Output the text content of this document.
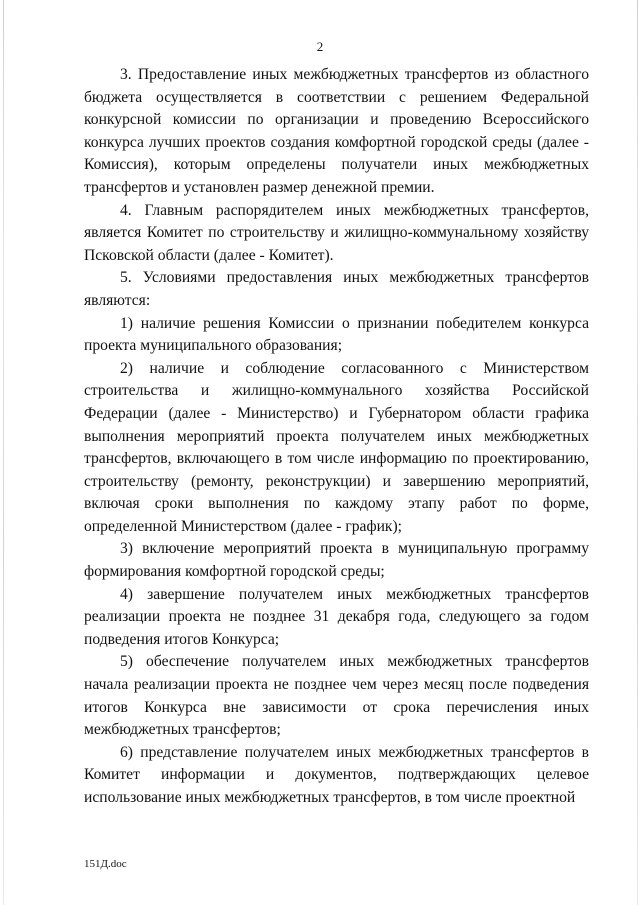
2

3. Предоставление иных межбюджетных трансфертов из областного бюджета осуществляется в соответствии с решением Федеральной конкурсной комиссии по организации и проведению Всероссийского конкурса лучших проектов создания комфортной городской среды (далее - Комиссия), которым определены получатели иных межбюджетных трансфертов и установлен размер денежной премии.

4. Главным распорядителем иных межбюджетных трансфертов, является Комитет по строительству и жилищно-коммунальному хозяйству Псковской области (далее - Комитет).

5. Условиями предоставления иных межбюджетных трансфертов являются:

1) наличие решения Комиссии о признании победителем конкурса проекта муниципального образования;

2) наличие и соблюдение согласованного с Министерством строительства и жилищно-коммунального хозяйства Российской Федерации (далее - Министерство) и Губернатором области графика выполнения мероприятий проекта получателем иных межбюджетных трансфертов, включающего в том числе информацию по проектированию, строительству (ремонту, реконструкции) и завершению мероприятий, включая сроки выполнения по каждому этапу работ по форме, определенной Министерством (далее - график);

3) включение мероприятий проекта в муниципальную программу формирования комфортной городской среды;

4) завершение получателем иных межбюджетных трансфертов реализации проекта не позднее 31 декабря года, следующего за годом подведения итогов Конкурса;

5) обеспечение получателем иных межбюджетных трансфертов начала реализации проекта не позднее чем через месяц после подведения итогов Конкурса вне зависимости от срока перечисления иных межбюджетных трансфертов;

6) представление получателем иных межбюджетных трансфертов в Комитет информации и документов, подтверждающих целевое использование иных межбюджетных трансфертов, в том числе проектной

151Д.doc
